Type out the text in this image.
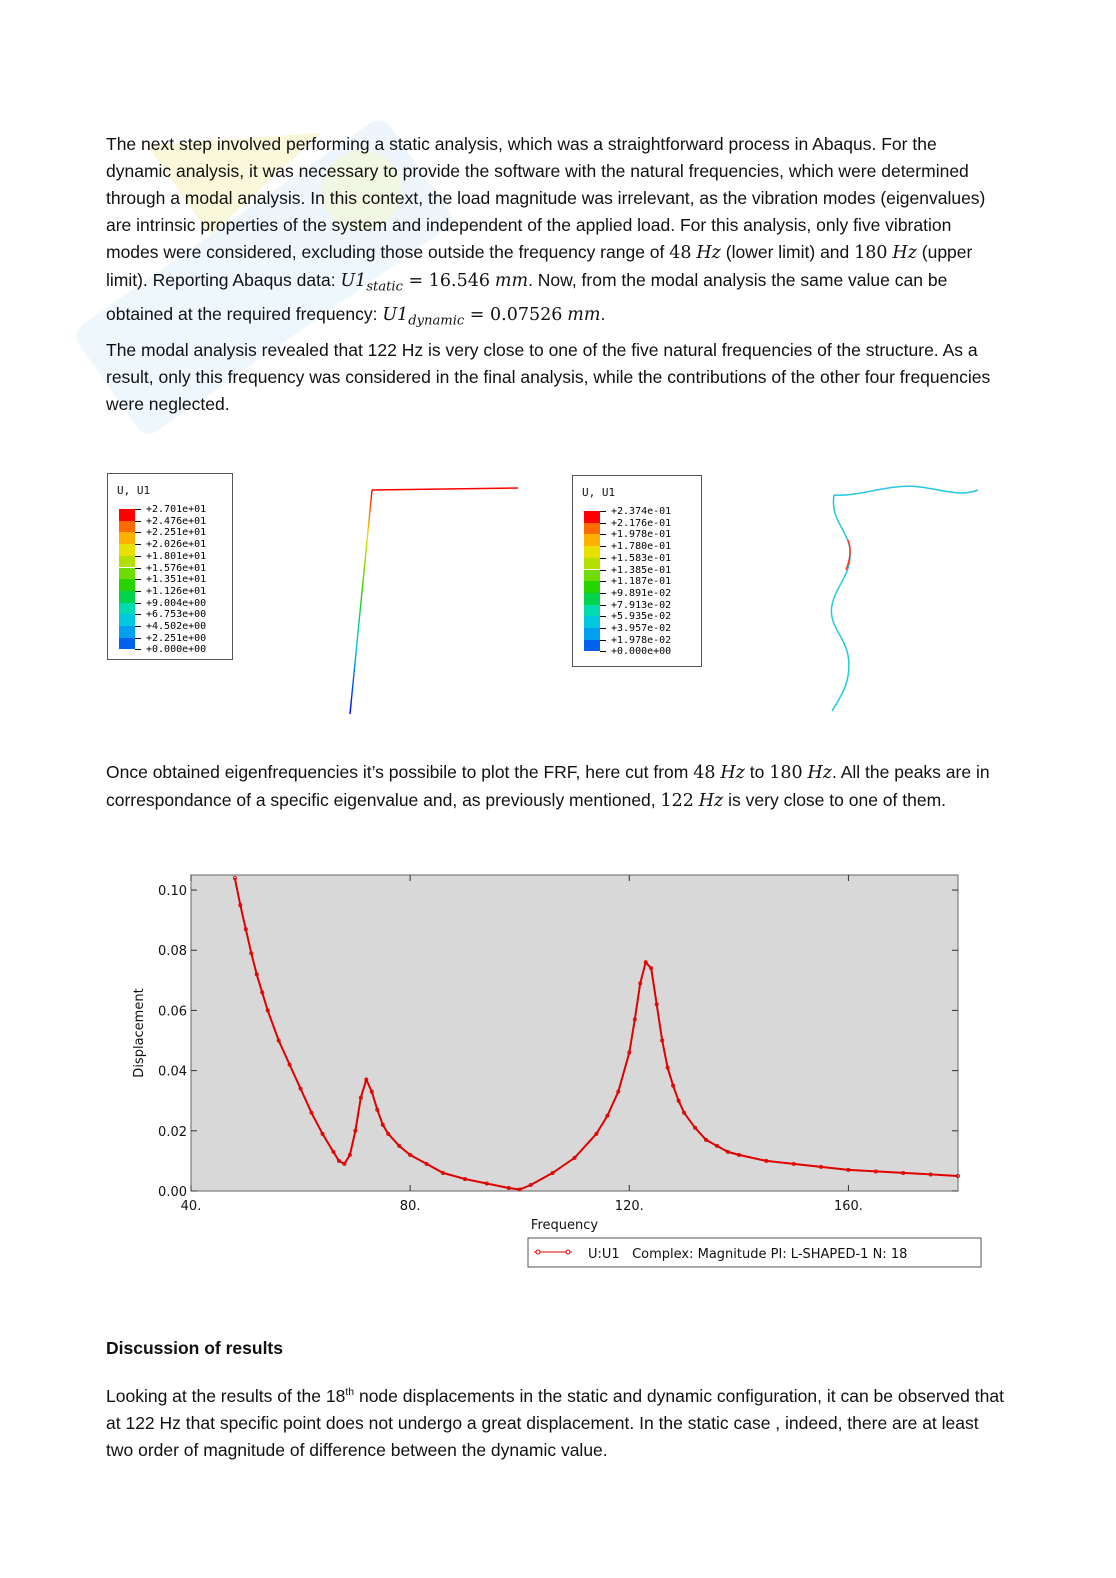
The next step involved performing a static analysis, which was a straightforward process in Abaqus. For the dynamic analysis, it was necessary to provide the software with the natural frequencies, which were determined through a modal analysis. In this context, the load magnitude was irrelevant, as the vibration modes (eigenvalues) are intrinsic properties of the system and independent of the applied load. For this analysis, only five vibration modes were considered, excluding those outside the frequency range of 48 Hz (lower limit) and 180 Hz (upper limit). Reporting Abaqus data: $U1_{static} = 16.546$ mm. Now, from the modal analysis the same value can be obtained at the required frequency: $U1_{dynamic} = 0.07526$ mm.

The modal analysis revealed that 122 Hz is very close to one of the five natural frequencies of the structure. As a result, only this frequency was considered in the final analysis, while the contributions of the other four frequencies were neglected.

U, U1
+2.701e+01
+2.476e+01
+2.251e+01
+2.026e+01
+1.801e+01
+1.576e+01
+1.351e+01
+1.126e+01
+9.004e+00
+6.753e+00
+4.502e+00
+2.251e+00
+0.000e+00
U, U1
+2.374e-01
+2.176e-01
+1.978e-01
+1.780e-01
+1.583e-01
+1.385e-01
+1.187e-01
+9.891e-02
+7.913e-02
+5.935e-02
+3.957e-02
+1.978e-02
+0.000e+00

Once obtained eigenfrequencies it’s possibile to plot the FRF, here cut from 48 Hz to 180 Hz. All the peaks are in correspondance of a specific eigenvalue and, as previously mentioned, 122 Hz is very close to one of them.

40.	80.	120.	160.
0.00
0.02
0.04
0.06
0.08
0.10
Frequency
Displacement
U:U1   Complex: Magnitude PI: L-SHAPED-1 N: 18
Discussion of results

Looking at the results of the 18th node displacements in the static and dynamic configuration, it can be observed that at 122 Hz that specific point does not undergo a great displacement. In the static case , indeed, there are at least two order of magnitude of difference between the dynamic value.
